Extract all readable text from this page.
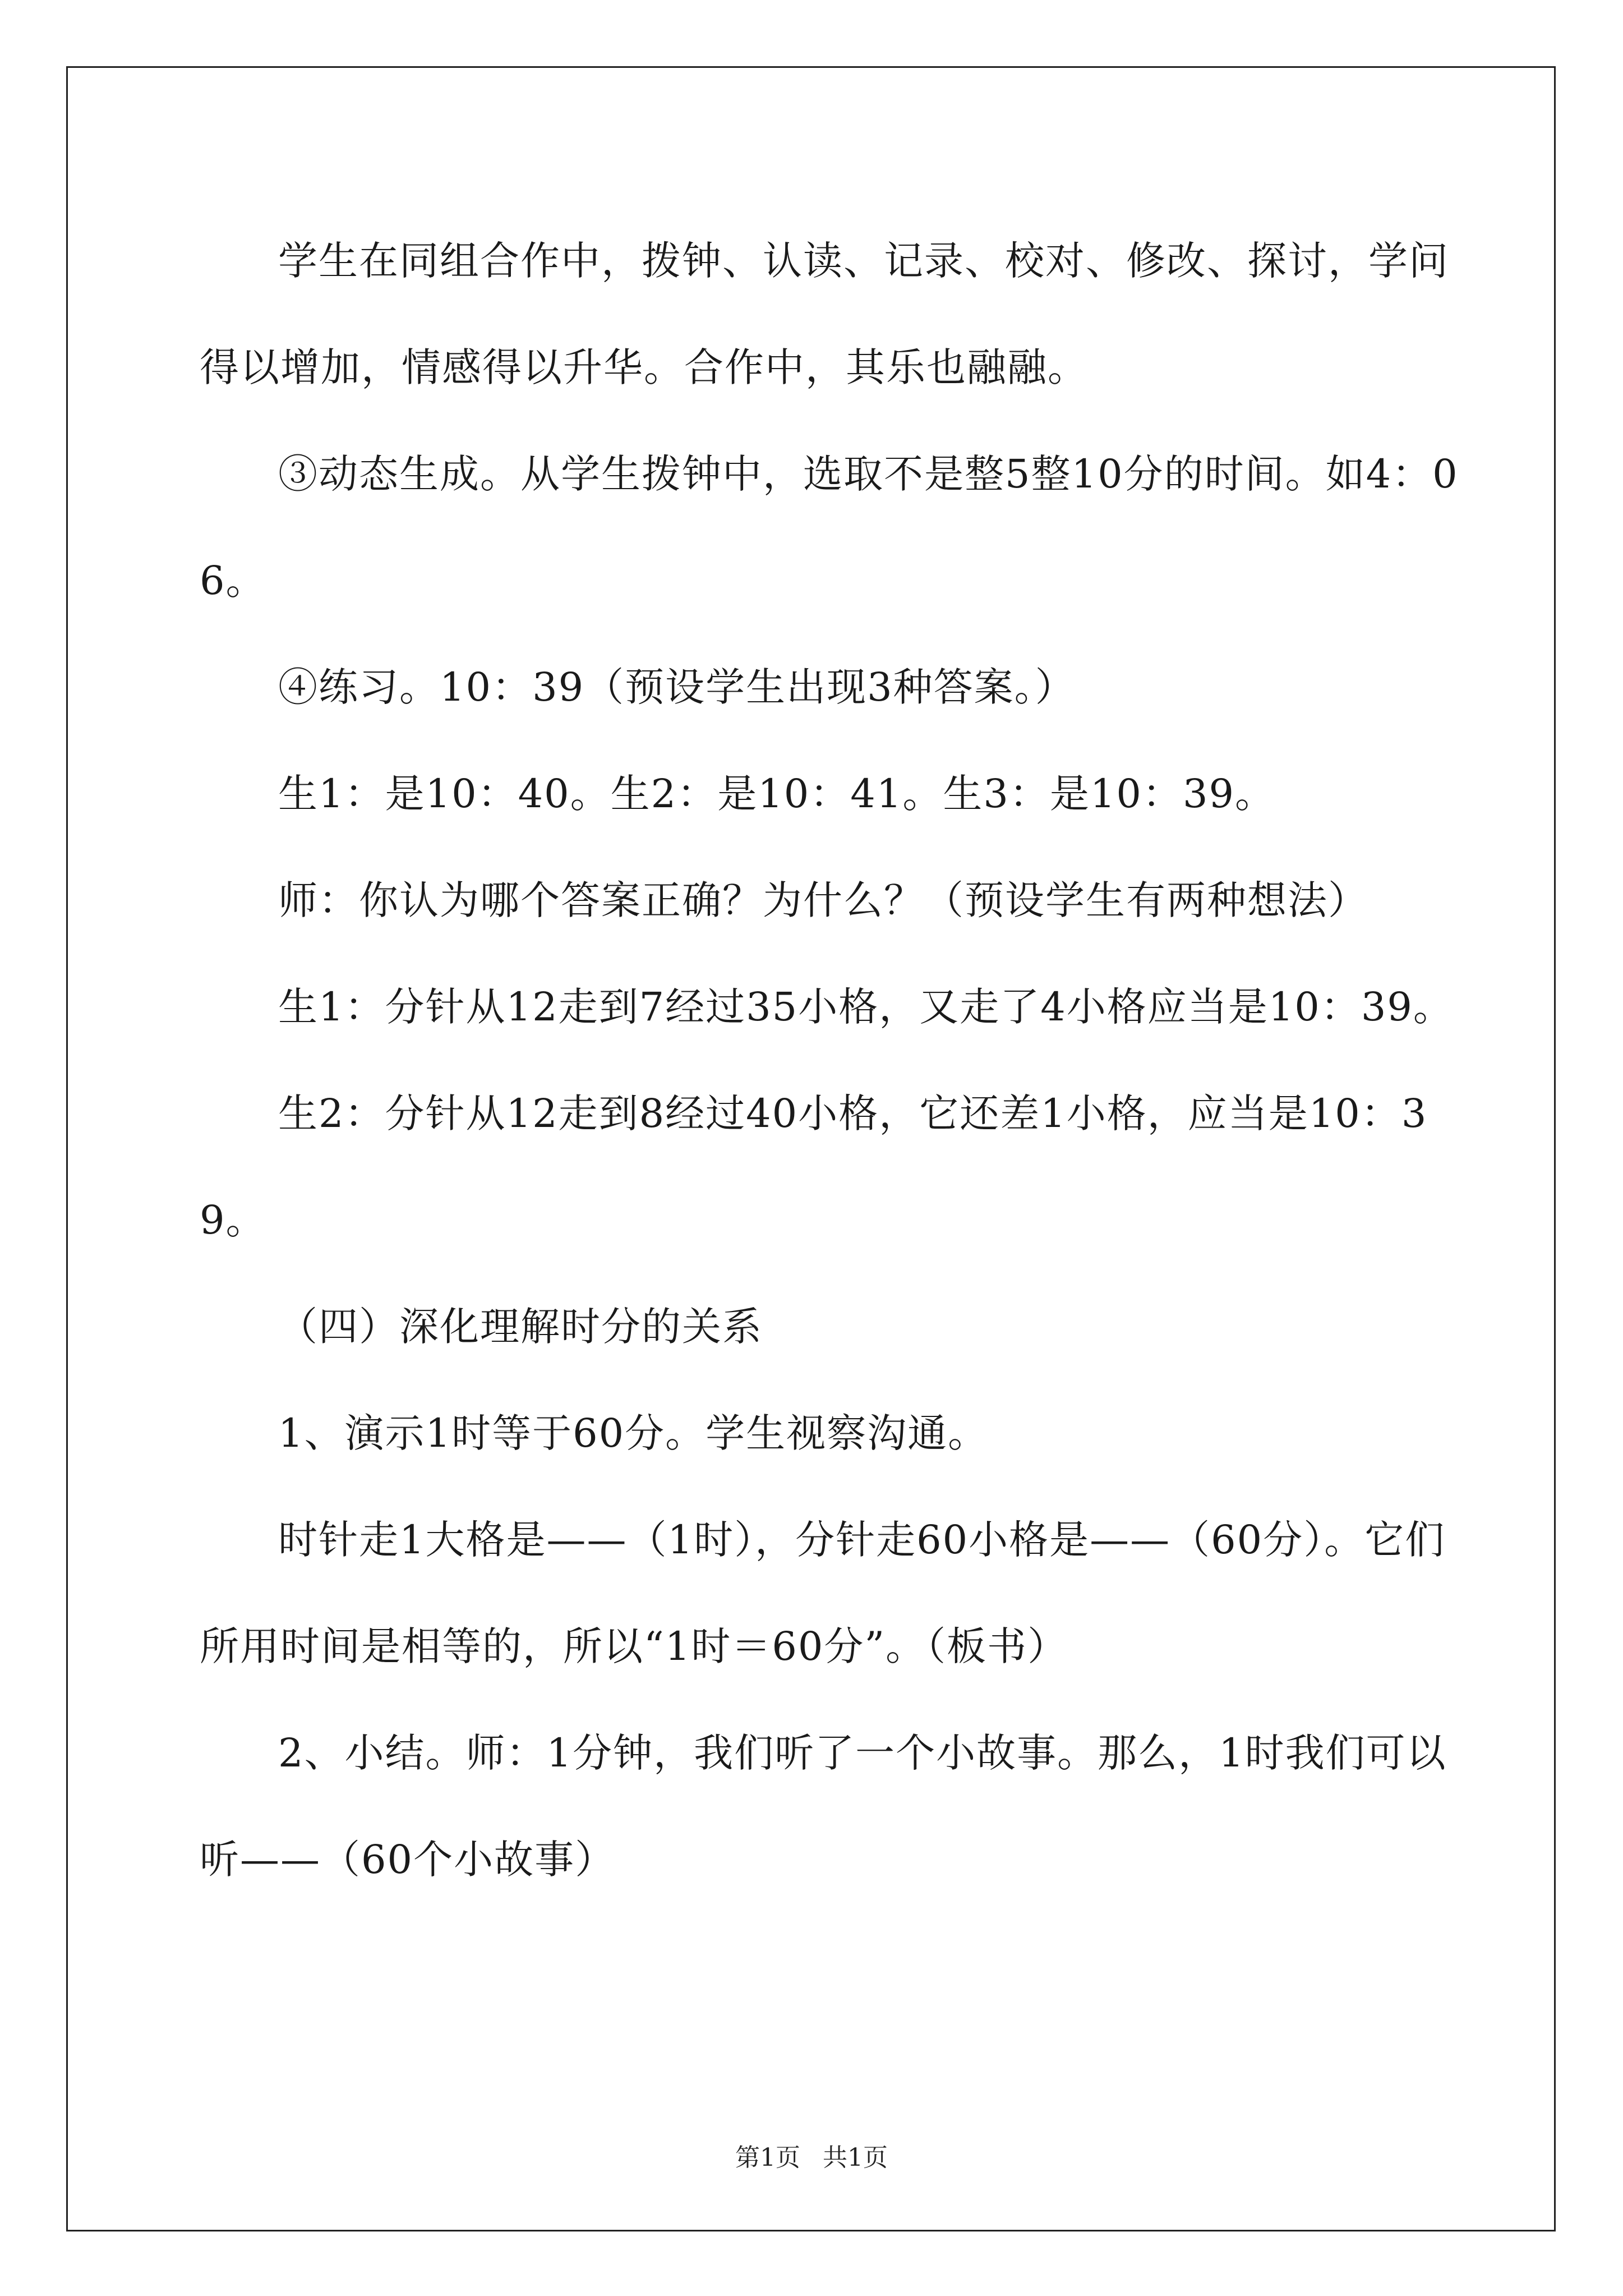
学生在同组合作中，拨钟、认读、记录、校对、修改、探讨，学问得以增加，情感得以升华。合作中，其乐也融融。

③动态生成。从学生拨钟中，选取不是整5整10分的时间。如4：06。

④练习。10：39（预设学生出现3种答案。）

生1：是10：40。生2：是10：41。生3：是10：39。

师：你认为哪个答案正确？为什么？（预设学生有两种想法）

生1：分针从12走到7经过35小格，又走了4小格应当是10：39。

生2：分针从12走到8经过40小格，它还差1小格，应当是10：39。

（四）深化理解时分的关系

1、演示1时等于60分。学生视察沟通。

时针走1大格是——（1时），分针走60小格是——（60分）。它们所用时间是相等的，所以“1时＝60分”。（板书）

2、小结。师：1分钟，我们听了一个小故事。那么，1时我们可以听——（60个小故事）

第1页 共1页
